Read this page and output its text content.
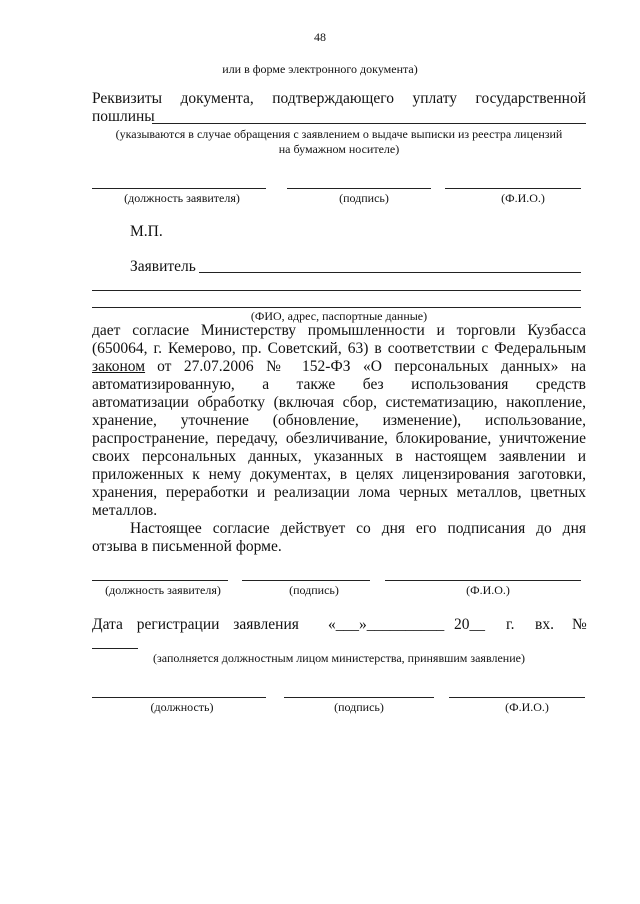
48
или в форме электронного документа)
Реквизиты документа, подтверждающего уплату государственной
пошлины
(указываются в случае обращения с заявлением о выдаче выписки из реестра лицензий
на бумажном носителе)
(должность заявителя)	(подпись)	(Ф.И.О.)
М.П.
Заявитель
(ФИО, адрес, паспортные данные)
дает согласие Министерству промышленности и торговли Кузбасса
(650064, г. Кемерово, пр. Советский, 63) в соответствии с Федеральным
законом от 27.07.2006 № 152-ФЗ «О персональных данных» на
автоматизированную, а также без использования средств
автоматизации обработку (включая сбор, систематизацию, накопление,
хранение, уточнение (обновление, изменение), использование,
распространение, передачу, обезличивание, блокирование, уничтожение
своих персональных данных, указанных в настоящем заявлении и
приложенных к нему документах, в целях лицензирования заготовки,
хранения, переработки и реализации лома черных металлов, цветных
металлов.
Настоящее согласие действует со дня его подписания до дня
отзыва в письменной форме.
(должность заявителя)	(подпись)	(Ф.И.О.)
Дата регистрации заявления «___»__________ 20__ г. вх. №
(заполняется должностным лицом министерства, принявшим заявление)
(должность)	(подпись)	(Ф.И.О.)
